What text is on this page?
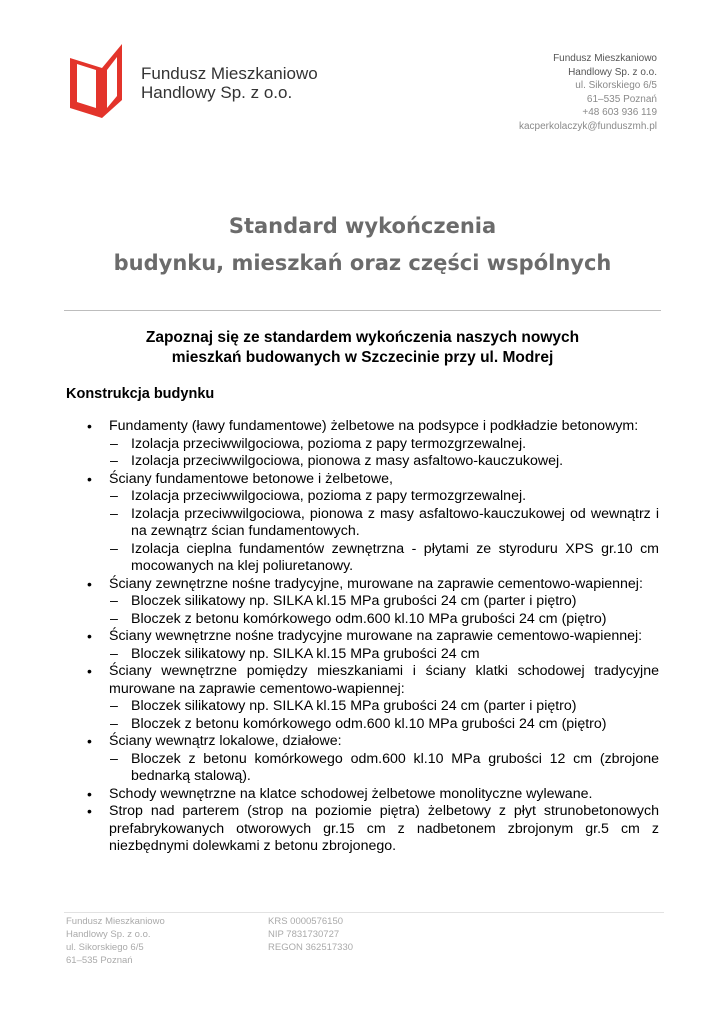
Fundusz Mieszkaniowo
Handlowy Sp. z o.o.
Fundusz Mieszkaniowo
Handlowy Sp. z o.o.
ul. Sikorskiego 6/5
61–535 Poznań
+48 603 936 119
kacperkolaczyk@funduszmh.pl
Standard wykończenia
budynku, mieszkań oraz części wspólnych
Zapoznaj się ze standardem wykończenia naszych nowych
mieszkań budowanych w Szczecinie przy ul. Modrej
Konstrukcja budynku
•	Fundamenty (ławy fundamentowe) żelbetowe na podsypce i podkładzie betonowym:
– Izolacja przeciwwilgociowa, pozioma z papy termozgrzewalnej.
– Izolacja przeciwwilgociowa, pionowa z masy asfaltowo-kauczukowej.
•	Ściany fundamentowe betonowe i żelbetowe,
– Izolacja przeciwwilgociowa, pozioma z papy termozgrzewalnej.
– Izolacja przeciwwilgociowa, pionowa z masy asfaltowo-kauczukowej od wewnątrz i na zewnątrz ścian fundamentowych.
– Izolacja cieplna fundamentów zewnętrzna - płytami ze styroduru XPS gr.10 cm mocowanych na klej poliuretanowy.
•	Ściany zewnętrzne nośne tradycyjne, murowane na zaprawie cementowo-wapiennej:
– Bloczek silikatowy np. SILKA kl.15 MPa grubości 24 cm (parter i piętro)
– Bloczek z betonu komórkowego odm.600 kl.10 MPa grubości 24 cm (piętro)
•	Ściany wewnętrzne nośne tradycyjne murowane na zaprawie cementowo-wapiennej:
– Bloczek silikatowy np. SILKA kl.15 MPa grubości 24 cm
•	Ściany wewnętrzne pomiędzy mieszkaniami i ściany klatki schodowej tradycyjne murowane na zaprawie cementowo-wapiennej:
– Bloczek silikatowy np. SILKA kl.15 MPa grubości 24 cm (parter i piętro)
– Bloczek z betonu komórkowego odm.600 kl.10 MPa grubości 24 cm (piętro)
•	Ściany wewnątrz lokalowe, działowe:
– Bloczek z betonu komórkowego odm.600 kl.10 MPa grubości 12 cm (zbrojone bednarką stalową).
•	Schody wewnętrzne na klatce schodowej żelbetowe monolityczne wylewane.
•	Strop nad parterem (strop na poziomie piętra) żelbetowy z płyt strunobetonowych prefabrykowanych otworowych gr.15 cm z nadbetonem zbrojonym gr.5 cm z niezbędnymi dolewkami z betonu zbrojonego.
Fundusz Mieszkaniowo
Handlowy Sp. z o.o.
ul. Sikorskiego 6/5
61–535 Poznań
KRS 0000576150
NIP 7831730727
REGON 362517330
